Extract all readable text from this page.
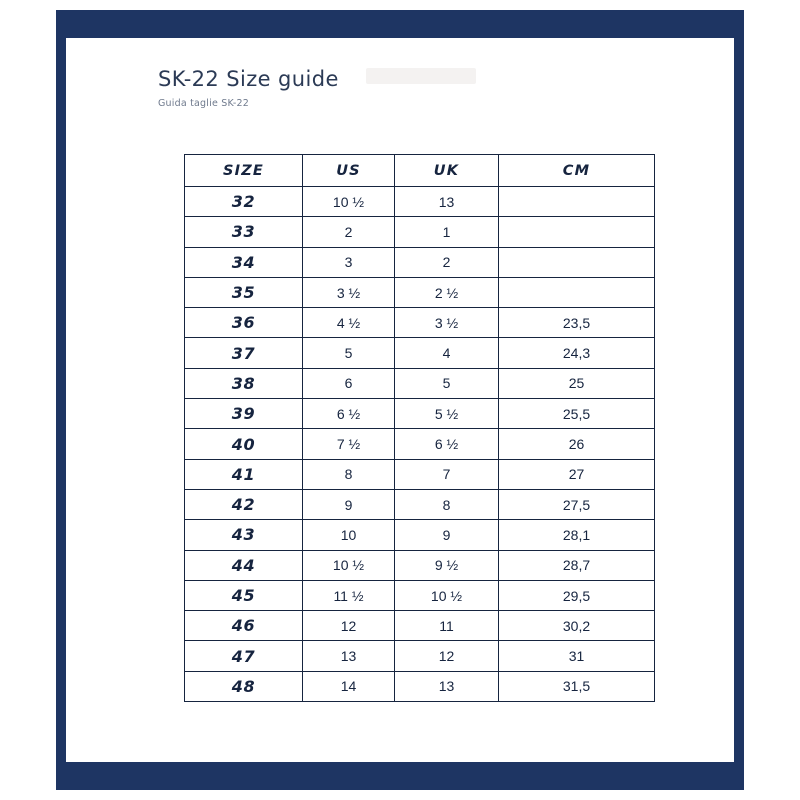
SK-22 Size guide

Guida taglie SK-22

SIZE	US	UK	CM
32	10 ½	13	
33	2	1	
34	3	2	
35	3 ½	2 ½	
36	4 ½	3 ½	23,5
37	5	4	24,3
38	6	5	25
39	6 ½	5 ½	25,5
40	7 ½	6 ½	26
41	8	7	27
42	9	8	27,5
43	10	9	28,1
44	10 ½	9 ½	28,7
45	11 ½	10 ½	29,5
46	12	11	30,2
47	13	12	31
48	14	13	31,5
